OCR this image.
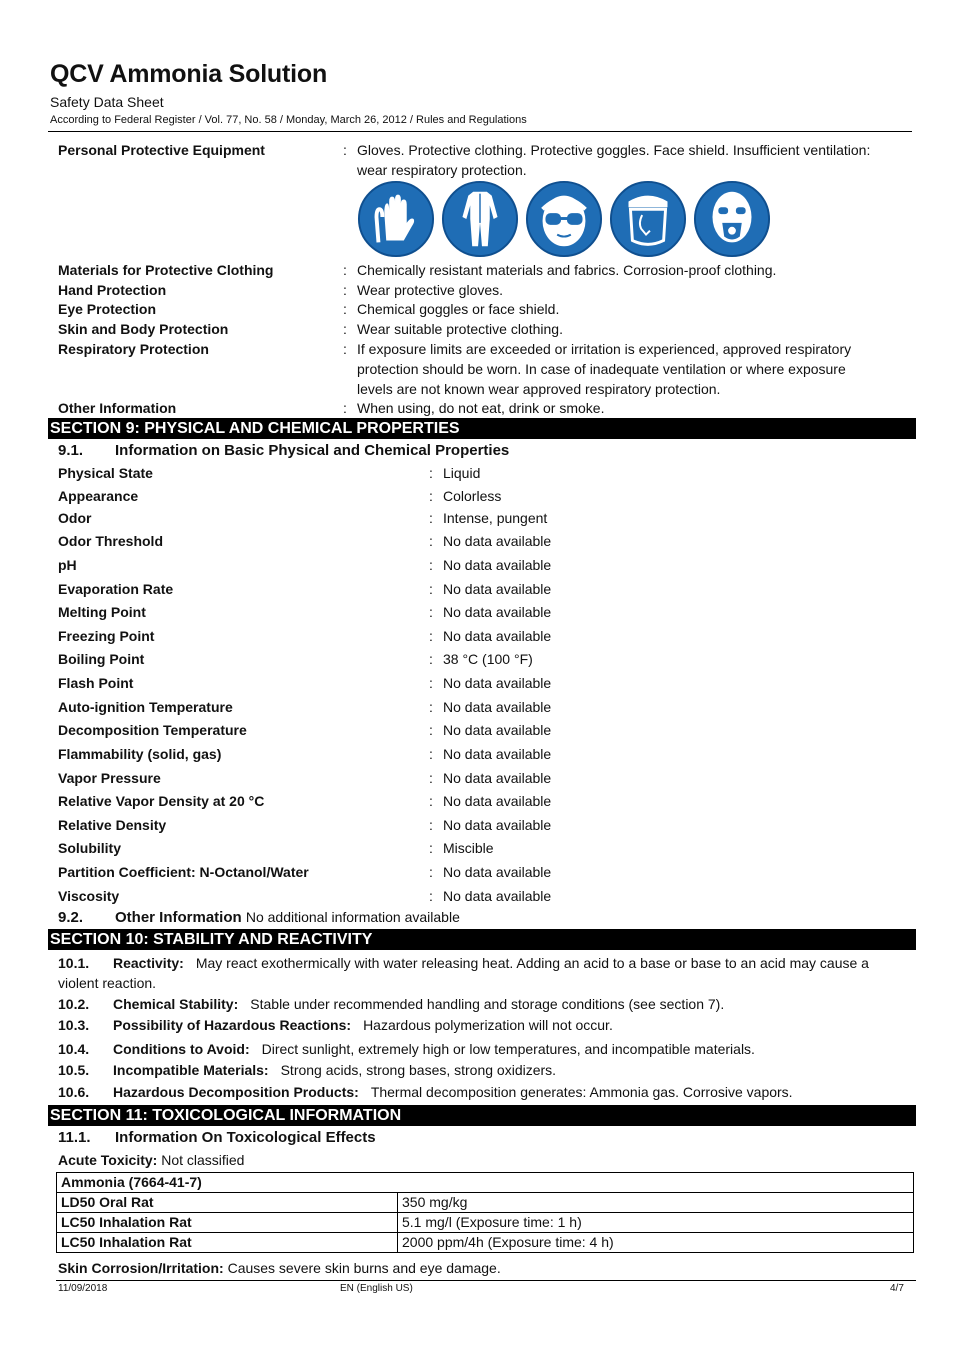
QCV Ammonia Solution
Safety Data Sheet
According to Federal Register / Vol. 77, No. 58 / Monday, March 26, 2012 / Rules and Regulations
Personal Protective Equipment	: Gloves. Protective clothing. Protective goggles. Face shield. Insufficient ventilation:
wear respiratory protection.
Materials for Protective Clothing	: Chemically resistant materials and fabrics. Corrosion-proof clothing.
Hand Protection	: Wear protective gloves.
Eye Protection	: Chemical goggles or face shield.
Skin and Body Protection	: Wear suitable protective clothing.
Respiratory Protection	: If exposure limits are exceeded or irritation is experienced, approved respiratory
protection should be worn. In case of inadequate ventilation or where exposure
levels are not known wear approved respiratory protection.
Other Information	: When using, do not eat, drink or smoke.
SECTION 9: PHYSICAL AND CHEMICAL PROPERTIES
9.1. Information on Basic Physical and Chemical Properties
Physical State	: Liquid
Appearance	: Colorless
Odor	: Intense, pungent
Odor Threshold	: No data available
pH	: No data available
Evaporation Rate	: No data available
Melting Point	: No data available
Freezing Point	: No data available
Boiling Point	: 38 °C (100 °F)
Flash Point	: No data available
Auto-ignition Temperature	: No data available
Decomposition Temperature	: No data available
Flammability (solid, gas)	: No data available
Vapor Pressure	: No data available
Relative Vapor Density at 20 °C	: No data available
Relative Density	: No data available
Solubility	: Miscible
Partition Coefficient: N-Octanol/Water	: No data available
Viscosity	: No data available
9.2. Other Information No additional information available
SECTION 10: STABILITY AND REACTIVITY
10.1. Reactivity: May react exothermically with water releasing heat. Adding an acid to a base or base to an acid may cause a violent reaction.
10.2. Chemical Stability: Stable under recommended handling and storage conditions (see section 7).
10.3. Possibility of Hazardous Reactions: Hazardous polymerization will not occur.
10.4. Conditions to Avoid: Direct sunlight, extremely high or low temperatures, and incompatible materials.
10.5. Incompatible Materials: Strong acids, strong bases, strong oxidizers.
10.6. Hazardous Decomposition Products: Thermal decomposition generates: Ammonia gas. Corrosive vapors.
SECTION 11: TOXICOLOGICAL INFORMATION
11.1. Information On Toxicological Effects
Acute Toxicity: Not classified
Ammonia (7664-41-7)	
LD50 Oral Rat	350 mg/kg
LC50 Inhalation Rat	5.1 mg/l (Exposure time: 1 h)
LC50 Inhalation Rat	2000 ppm/4h (Exposure time: 4 h)
Skin Corrosion/Irritation: Causes severe skin burns and eye damage.
11/09/2018	EN (English US)	4/7
